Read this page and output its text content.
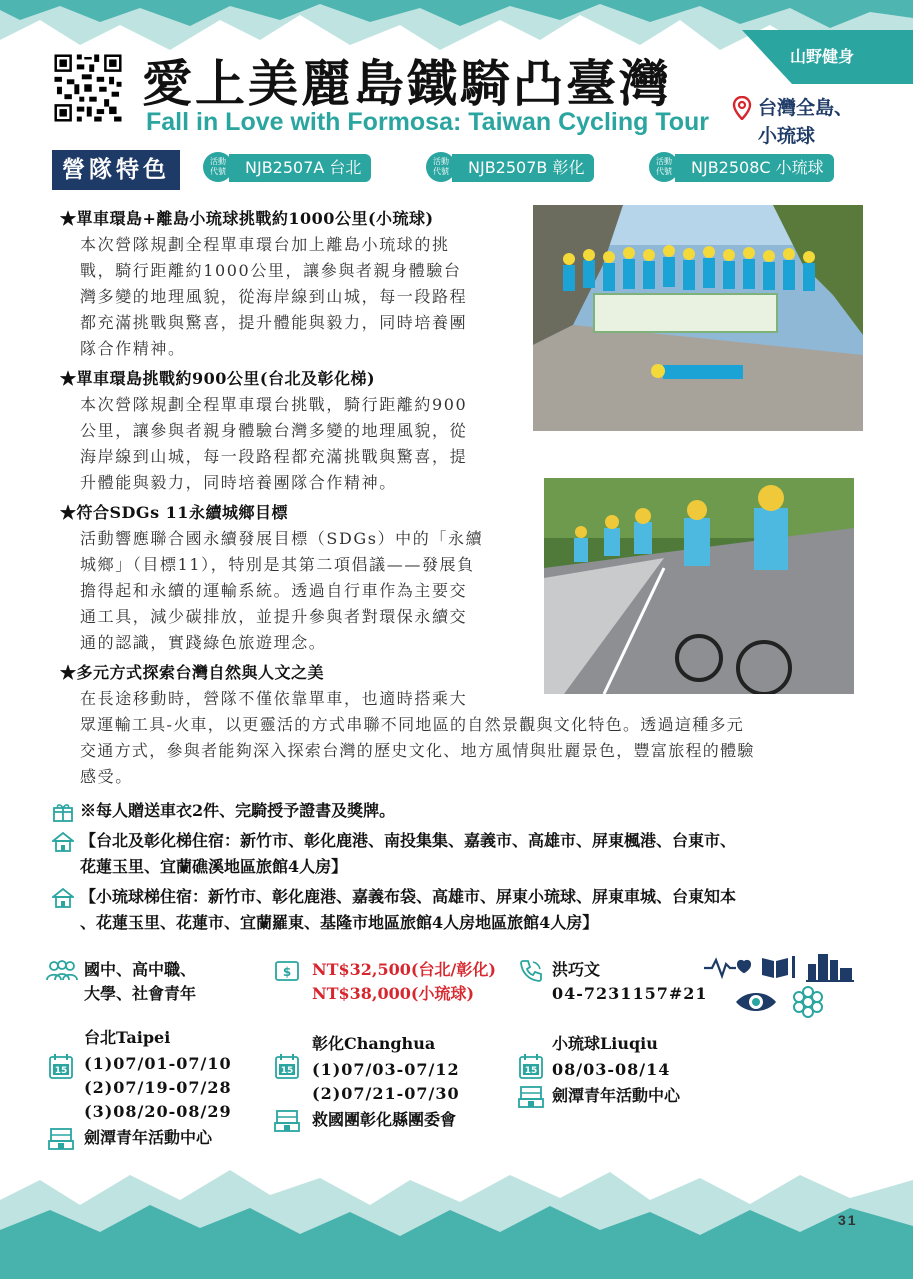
愛上美麗島鐵騎凸臺灣
Fall in Love with Formosa: Taiwan Cycling Tour
山野健身
台灣全島、
小琉球
營隊特色	活動
代號	NJB2507A 台北	活動
代號	NJB2507B 彰化	活動
代號	NJB2508C 小琉球
★單車環島+離島小琉球挑戰約1000公里(小琉球)
本次營隊規劃全程單車環台加上離島小琉球的挑
戰，騎行距離約1000公里，讓參與者親身體驗台
灣多變的地理風貌，從海岸線到山城，每一段路程
都充滿挑戰與驚喜，提升體能與毅力，同時培養團
隊合作精神。
★單車環島挑戰約900公里(台北及彰化梯)
本次營隊規劃全程單車環台挑戰，騎行距離約900
公里，讓參與者親身體驗台灣多變的地理風貌，從
海岸線到山城，每一段路程都充滿挑戰與驚喜，提
升體能與毅力，同時培養團隊合作精神。
★符合SDGs 11永續城鄉目標
活動響應聯合國永續發展目標（SDGs）中的「永續
城鄉」（目標11），特別是其第二項倡議——發展負
擔得起和永續的運輸系統。透過自行車作為主要交
通工具，減少碳排放，並提升參與者對環保永續交
通的認識，實踐綠色旅遊理念。
★多元方式探索台灣自然與人文之美
在長途移動時，營隊不僅依靠單車，也適時搭乘大
眾運輸工具-火車，以更靈活的方式串聯不同地區的自然景觀與文化特色。透過這種多元
交通方式，參與者能夠深入探索台灣的歷史文化、地方風情與壯麗景色，豐富旅程的體驗
感受。
※每人贈送車衣2件、完騎授予證書及獎牌。
【台北及彰化梯住宿：新竹市、彰化鹿港、南投集集、嘉義市、高雄市、屏東楓港、台東市、
花蓮玉里、宜蘭礁溪地區旅館4人房】
【小琉球梯住宿：新竹市、彰化鹿港、嘉義布袋、高雄市、屏東小琉球、屏東車城、台東知本
、花蓮玉里、花蓮市、宜蘭羅東、基隆市地區旅館4人房地區旅館4人房】
國中、高中職、
大學、社會青年
$ NT$32,500(台北/彰化)
NT$38,000(小琉球)
洪巧文
04-7231157#21
台北Taipei
15 (1)07/01-07/10
(2)07/19-07/28
(3)08/20-08/29
劍潭青年活動中心
彰化Changhua
15 (1)07/03-07/12
(2)07/21-07/30
救國團彰化縣團委會
小琉球Liuqiu
15 08/03-08/14
劍潭青年活動中心
31
